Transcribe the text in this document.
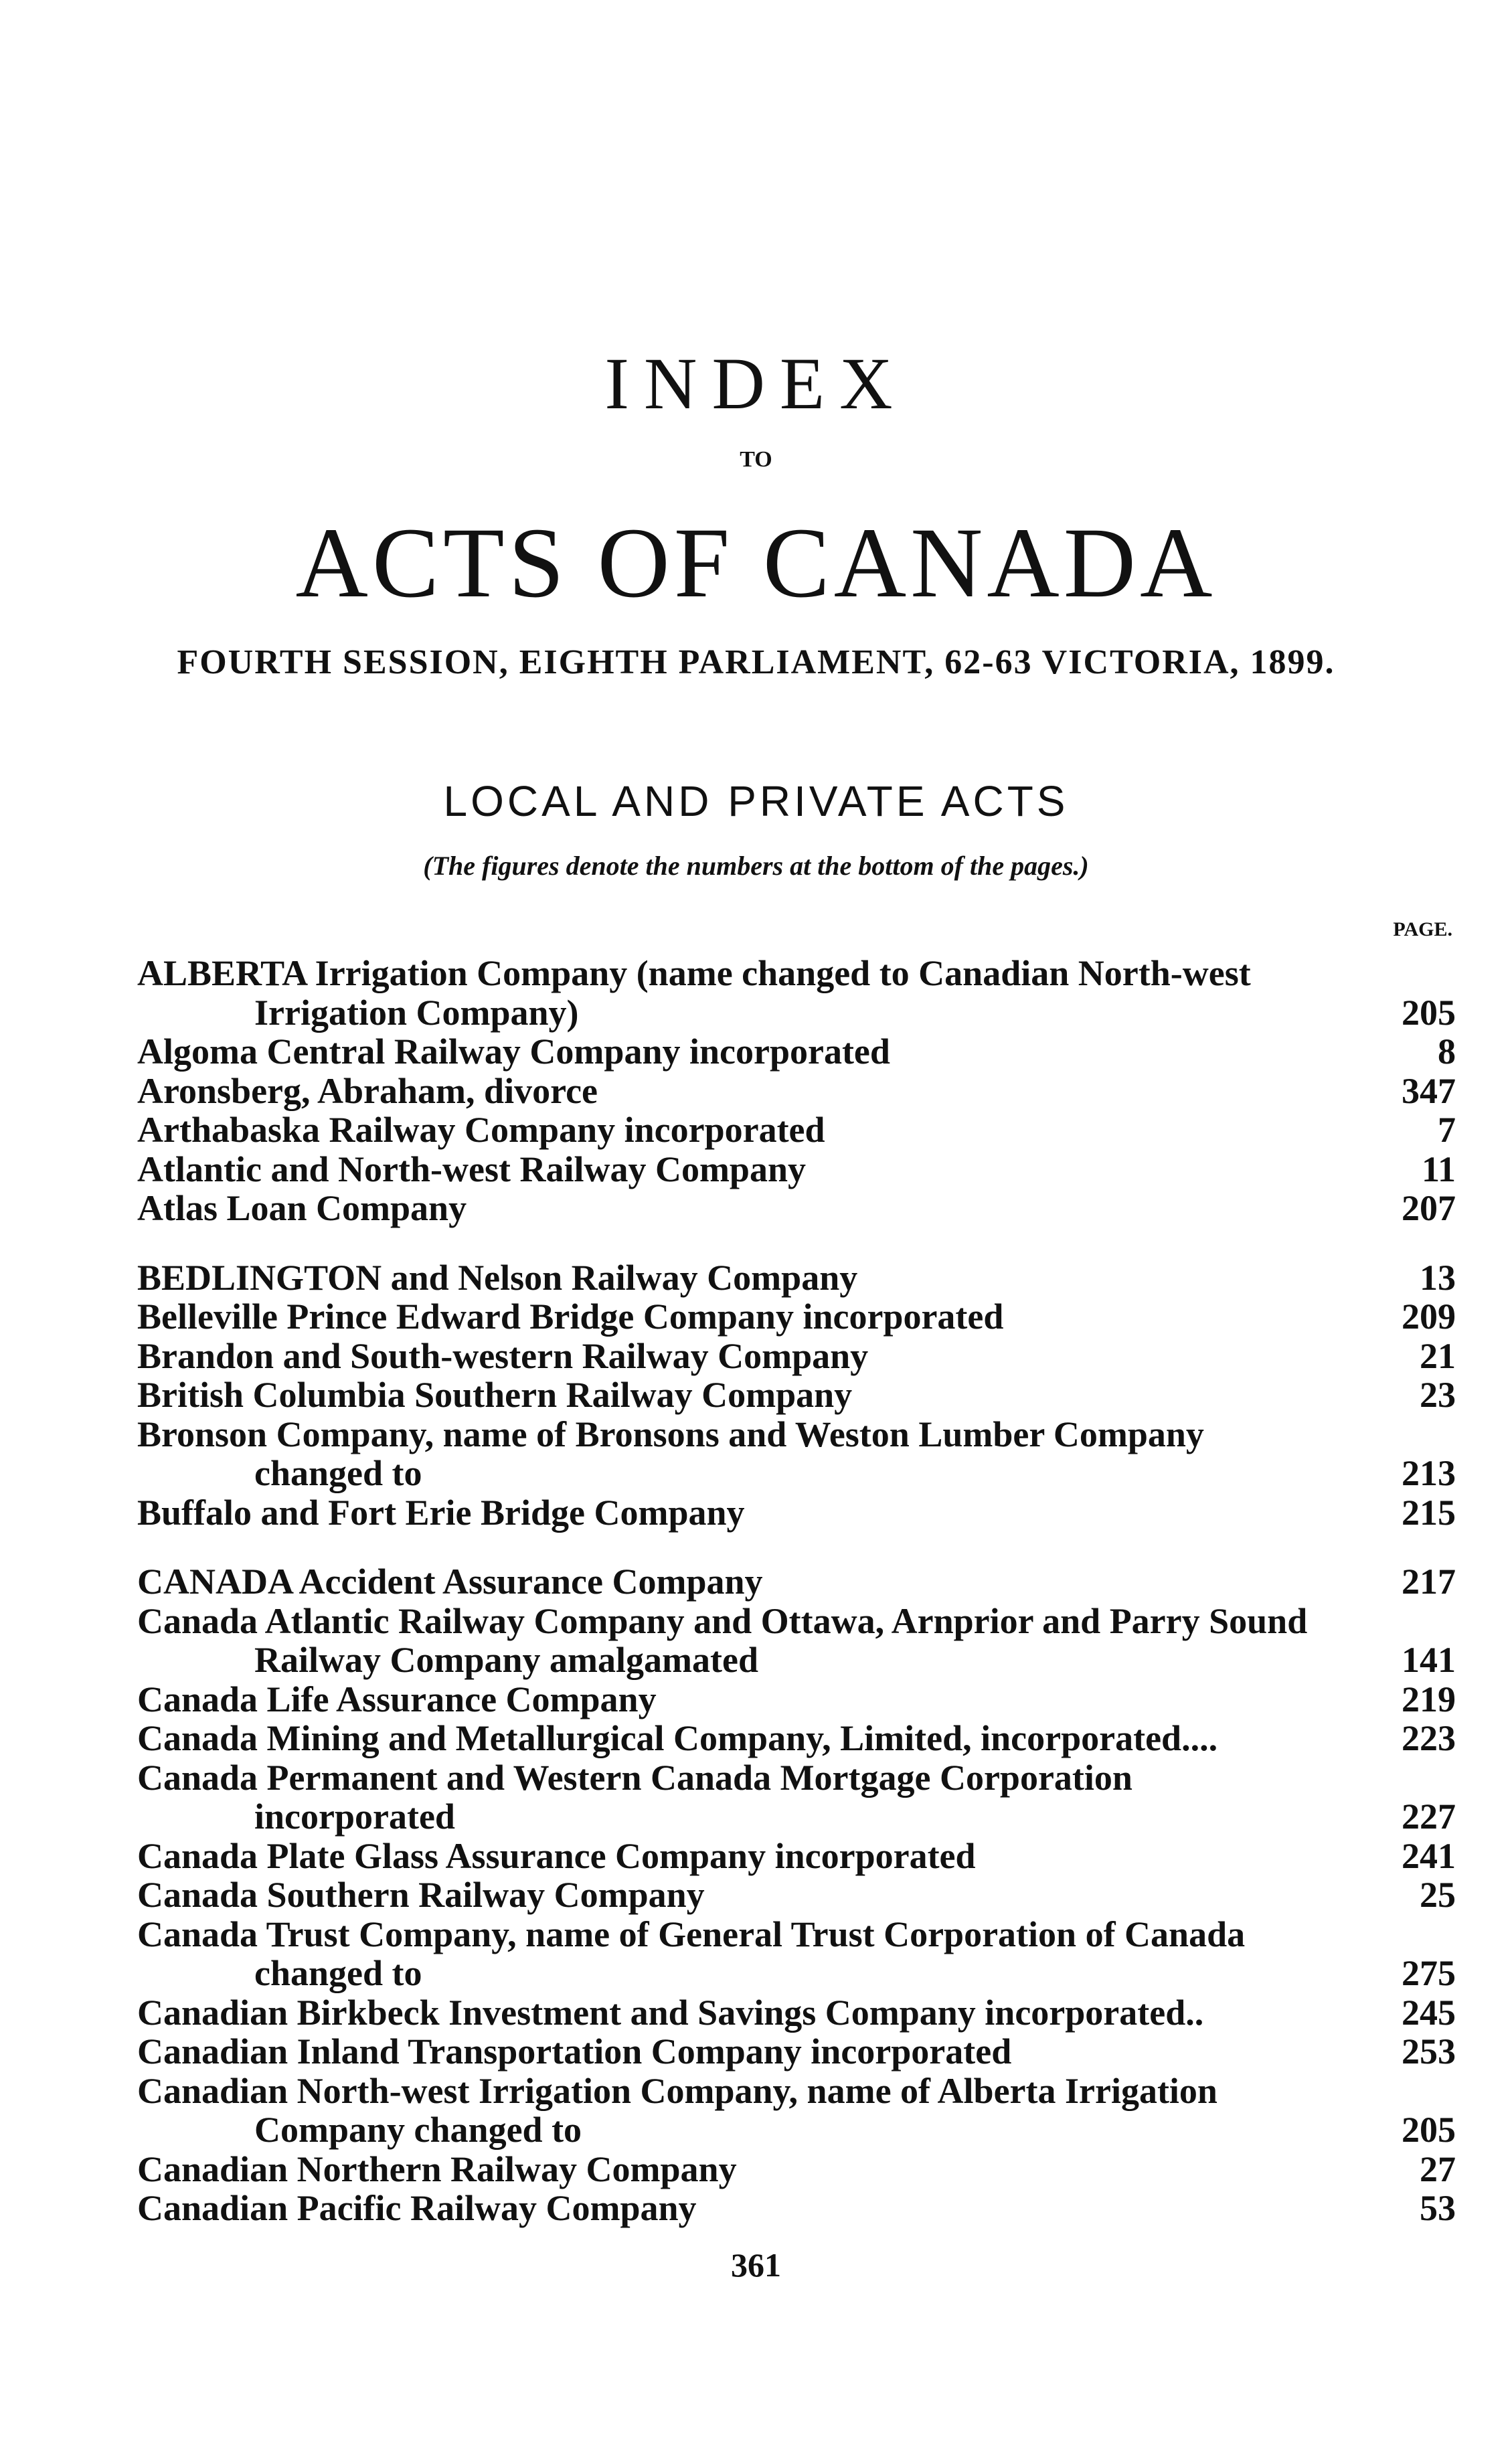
INDEX
TO
ACTS OF CANADA
FOURTH SESSION, EIGHTH PARLIAMENT, 62-63 VICTORIA, 1899.
LOCAL AND PRIVATE ACTS
(The figures denote the numbers at the bottom of the pages.)
PAGE.
ALBERTA Irrigation Company (name changed to Canadian North-west Irrigation Company)	205
Algoma Central Railway Company incorporated	8
Aronsberg, Abraham, divorce	347
Arthabaska Railway Company incorporated	7
Atlantic and North-west Railway Company	11
Atlas Loan Company	207
BEDLINGTON and Nelson Railway Company	13
Belleville Prince Edward Bridge Company incorporated	209
Brandon and South-western Railway Company	21
British Columbia Southern Railway Company	23
Bronson Company, name of Bronsons and Weston Lumber Company changed to	213
Buffalo and Fort Erie Bridge Company	215
CANADA Accident Assurance Company	217
Canada Atlantic Railway Company and Ottawa, Arnprior and Parry Sound Railway Company amalgamated	141
Canada Life Assurance Company	219
Canada Mining and Metallurgical Company, Limited, incorporated....	223
Canada Permanent and Western Canada Mortgage Corporation incorporated	227
Canada Plate Glass Assurance Company incorporated	241
Canada Southern Railway Company	25
Canada Trust Company, name of General Trust Corporation of Canada changed to	275
Canadian Birkbeck Investment and Savings Company incorporated..	245
Canadian Inland Transportation Company incorporated	253
Canadian North-west Irrigation Company, name of Alberta Irrigation Company changed to	205
Canadian Northern Railway Company	27
Canadian Pacific Railway Company	53
361
